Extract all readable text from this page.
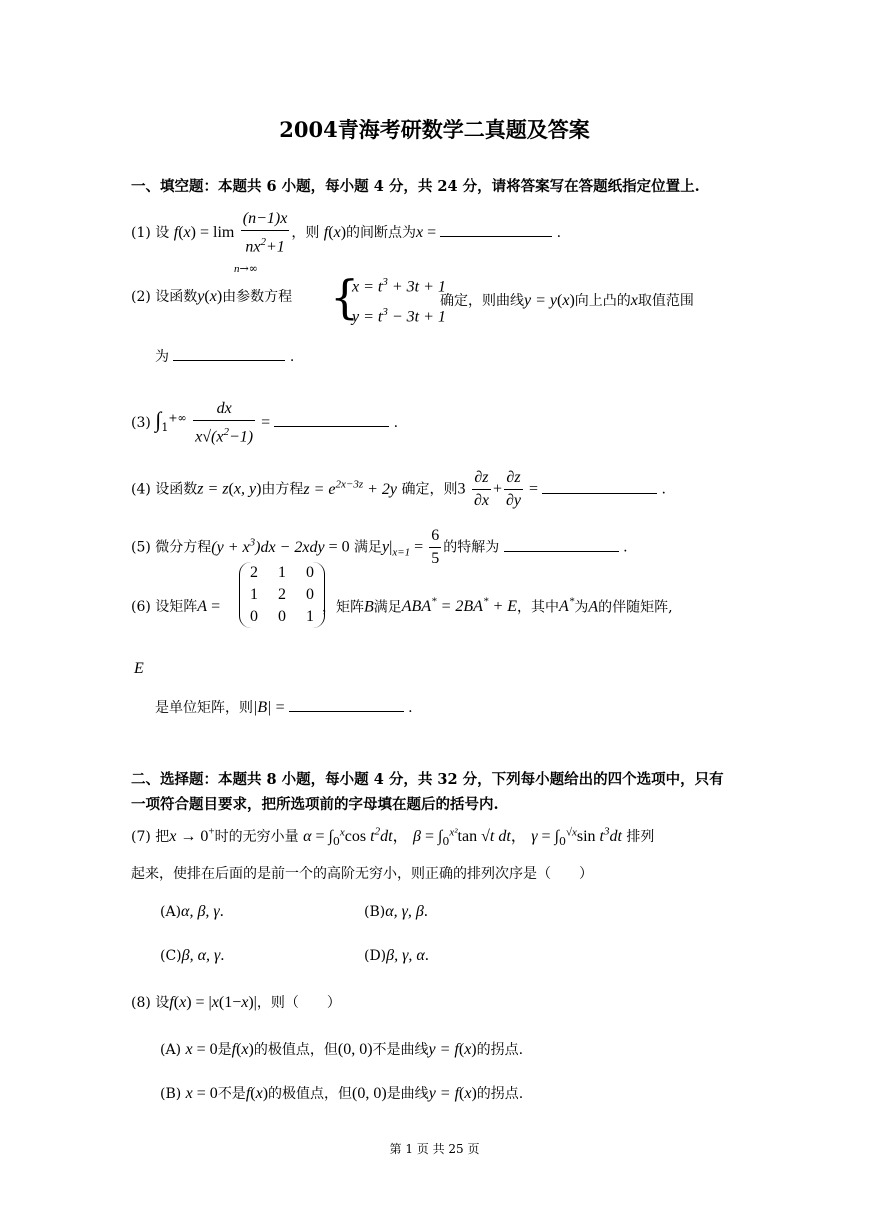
2004青海考研数学二真题及答案
一、填空题：本题共 6 小题，每小题 4 分，共 24 分，请将答案写在答题纸指定位置上.
(1) 设 $f(x) = \lim \frac{(n-1)x}{nx^2+1}$ ，则 f(x)的间断点为x =	.
n→∞
(2) 设函数y(x)由参数方程 {
$x = t^3 + 3t + 1$
$y = t^3 - 3t + 1$
确定，则曲线y = y(x)向上凸的x取值范围
为	.
(3) $\int_1^{+\infty} \frac{dx}{x√(x^2-1)}$ =	.
(4) 设函数z = z(x, y)由方程$z = e^{2x-3z} + 2y$ 确定，则$3 \frac{\partial z}{\partial x} + \frac{\partial z}{\partial y}$ =	.
(5) 微分方程$(y + x^3)dx - 2xdy = 0$ 满足$y|_{x=1} = \frac{6}{5}$ 的特解为	.
(6) 设矩阵A =
2	1	0
1	2	0
0	0	1
，矩阵B满足ABA* = 2BA* + E，其中A*为A的伴随矩阵,
E
是单位矩阵，则|B| =	.
二、选择题：本题共 8 小题，每小题 4 分，共 32 分，下列每小题给出的四个选项中，只有
一项符合题目要求，把所选项前的字母填在题后的括号内.
(7) 把x → 0+时的无穷小量 $\alpha = \int_0^x\cos$ $t^2dt$， $\beta = \int_0^{x^2}\tan$ √t dt， $\gamma = \int_0^{√x}\sin$ $t^3dt$ 排列
起来，使排在后面的是前一个的高阶无穷小，则正确的排列次序是（　　）
(A)α, β, γ.	(B)α, γ, β.
(C)β, α, γ.	(D)β, γ, α.
(8) 设f(x) = |x(1−x)|，则（　　）
(A) x = 0是f(x)的极值点，但(0, 0)不是曲线y = f(x)的拐点.
(B) x = 0不是f(x)的极值点，但(0, 0)是曲线y = f(x)的拐点.
第 1 页 共 25 页
